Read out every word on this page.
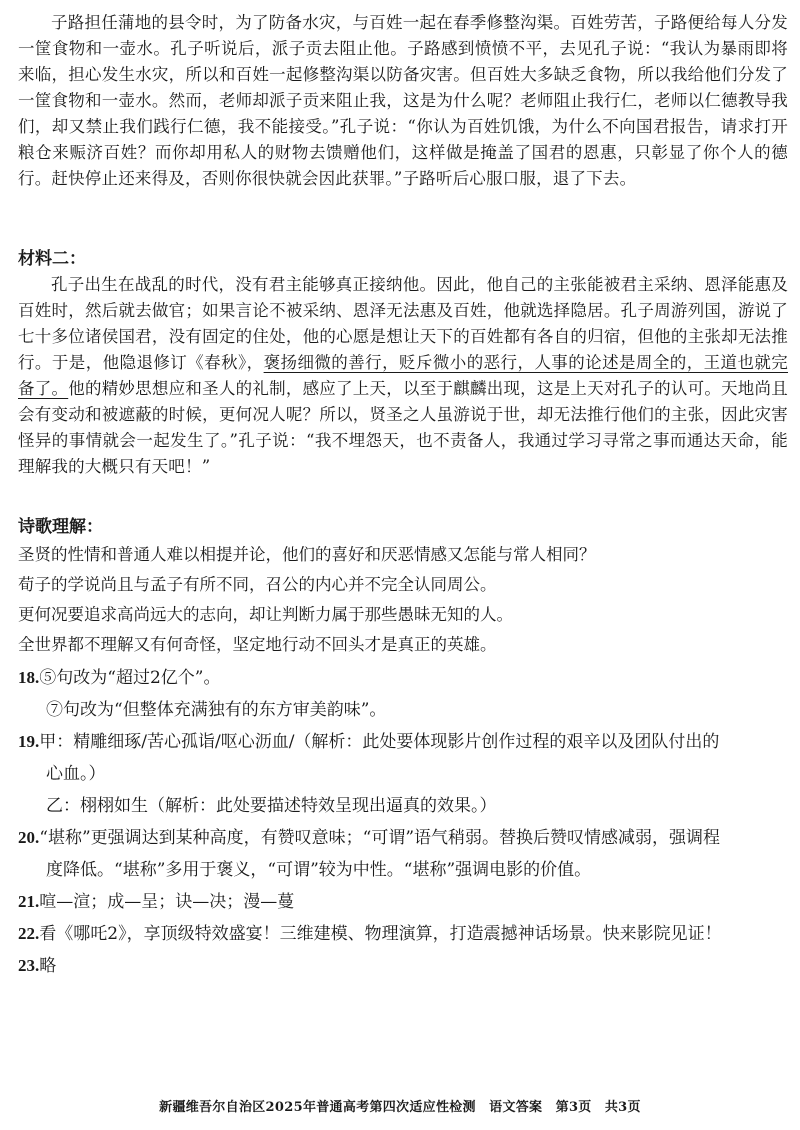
子路担任蒲地的县令时，为了防备水灾，与百姓一起在春季修整沟渠。百姓劳苦，子路便给每人分发一筐食物和一壶水。孔子听说后，派子贡去阻止他。子路感到愤愤不平，去见孔子说：“我认为暴雨即将来临，担心发生水灾，所以和百姓一起修整沟渠以防备灾害。但百姓大多缺乏食物，所以我给他们分发了一筐食物和一壶水。然而，老师却派子贡来阻止我，这是为什么呢？老师阻止我行仁，老师以仁德教导我们，却又禁止我们践行仁德，我不能接受。”孔子说：“你认为百姓饥饿，为什么不向国君报告，请求打开粮仓来赈济百姓？而你却用私人的财物去馈赠他们，这样做是掩盖了国君的恩惠，只彰显了你个人的德行。赶快停止还来得及，否则你很快就会因此获罪。”子路听后心服口服，退了下去。

材料二：

孔子出生在战乱的时代，没有君主能够真正接纳他。因此，他自己的主张能被君主采纳、恩泽能惠及百姓时，然后就去做官；如果言论不被采纳、恩泽无法惠及百姓，他就选择隐居。孔子周游列国，游说了七十多位诸侯国君，没有固定的住处，他的心愿是想让天下的百姓都有各自的归宿，但他的主张却无法推行。于是，他隐退修订《春秋》，褒扬细微的善行，贬斥微小的恶行，人事的论述是周全的，王道也就完备了。他的精妙思想应和圣人的礼制，感应了上天，以至于麒麟出现，这是上天对孔子的认可。天地尚且会有变动和被遮蔽的时候，更何况人呢？所以，贤圣之人虽游说于世，却无法推行他们的主张，因此灾害怪异的事情就会一起发生了。”孔子说：“我不埋怨天，也不责备人，我通过学习寻常之事而通达天命，能理解我的大概只有天吧！”

诗歌理解：

圣贤的性情和普通人难以相提并论，他们的喜好和厌恶情感又怎能与常人相同？

荀子的学说尚且与孟子有所不同，召公的内心并不完全认同周公。

更何况要追求高尚远大的志向，却让判断力属于那些愚昧无知的人。

全世界都不理解又有何奇怪，坚定地行动不回头才是真正的英雄。

18.⑤句改为“超过2亿个”。

⑦句改为“但整体充满独有的东方审美韵味”。

19.甲：精雕细琢/苦心孤诣/呕心沥血/（解析：此处要体现影片创作过程的艰辛以及团队付出的

心血。）

乙：栩栩如生（解析：此处要描述特效呈现出逼真的效果。）

20.“堪称”更强调达到某种高度，有赞叹意味；“可谓”语气稍弱。替换后赞叹情感减弱，强调程

度降低。“堪称”多用于褒义，“可谓”较为中性。“堪称”强调电影的价值。

21.喧—渲；成—呈；诀—决；漫—蔓

22.看《哪吒2》，享顶级特效盛宴！三维建模、物理演算，打造震撼神话场景。快来影院见证！

23.略

新疆维吾尔自治区2025年普通高考第四次适应性检测　语文答案　第3页　共3页
